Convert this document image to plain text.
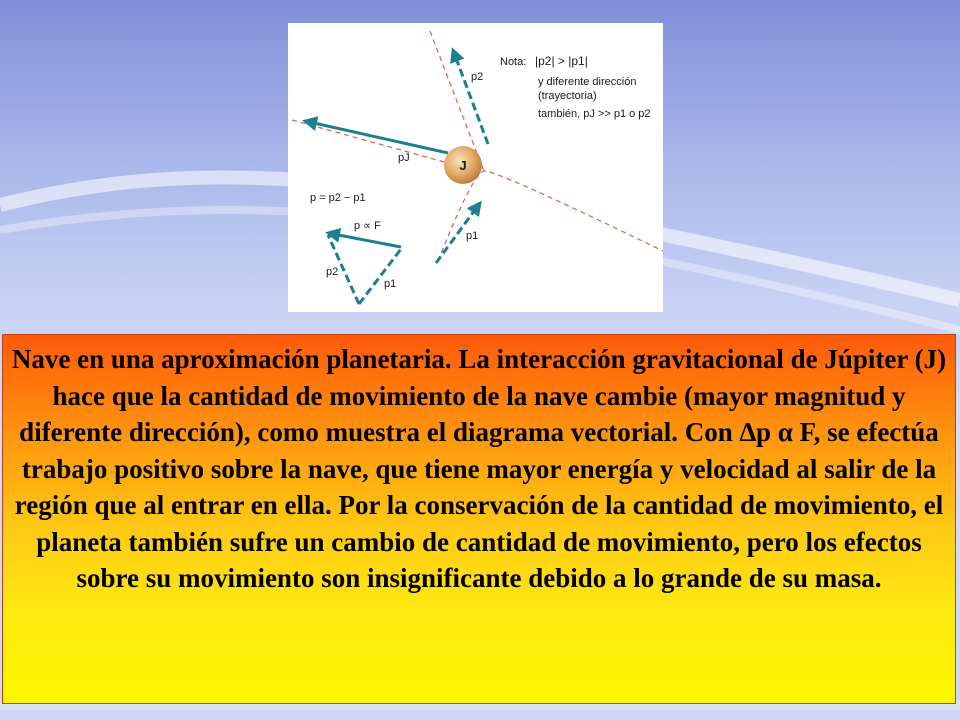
J
Nota: |p2| > |p1|
y diferente dirección
(trayectoria)
también, pJ >> p1 o p2
p2
pJ
p1
p = p2 − p1
p ∝ F
p2
p1

Nave en una aproximación planetaria. La interacción gravitacional de Júpiter (J) hace que la cantidad de movimiento de la nave cambie (mayor magnitud y diferente dirección), como muestra el diagrama vectorial. Con ∆p α F, se efectúa trabajo positivo sobre la nave, que tiene mayor energía y velocidad al salir de la región que al entrar en ella. Por la conservación de la cantidad de movimiento, el planeta también sufre un cambio de cantidad de movimiento, pero los efectos sobre su movimiento son insignificante debido a lo grande de su masa.
